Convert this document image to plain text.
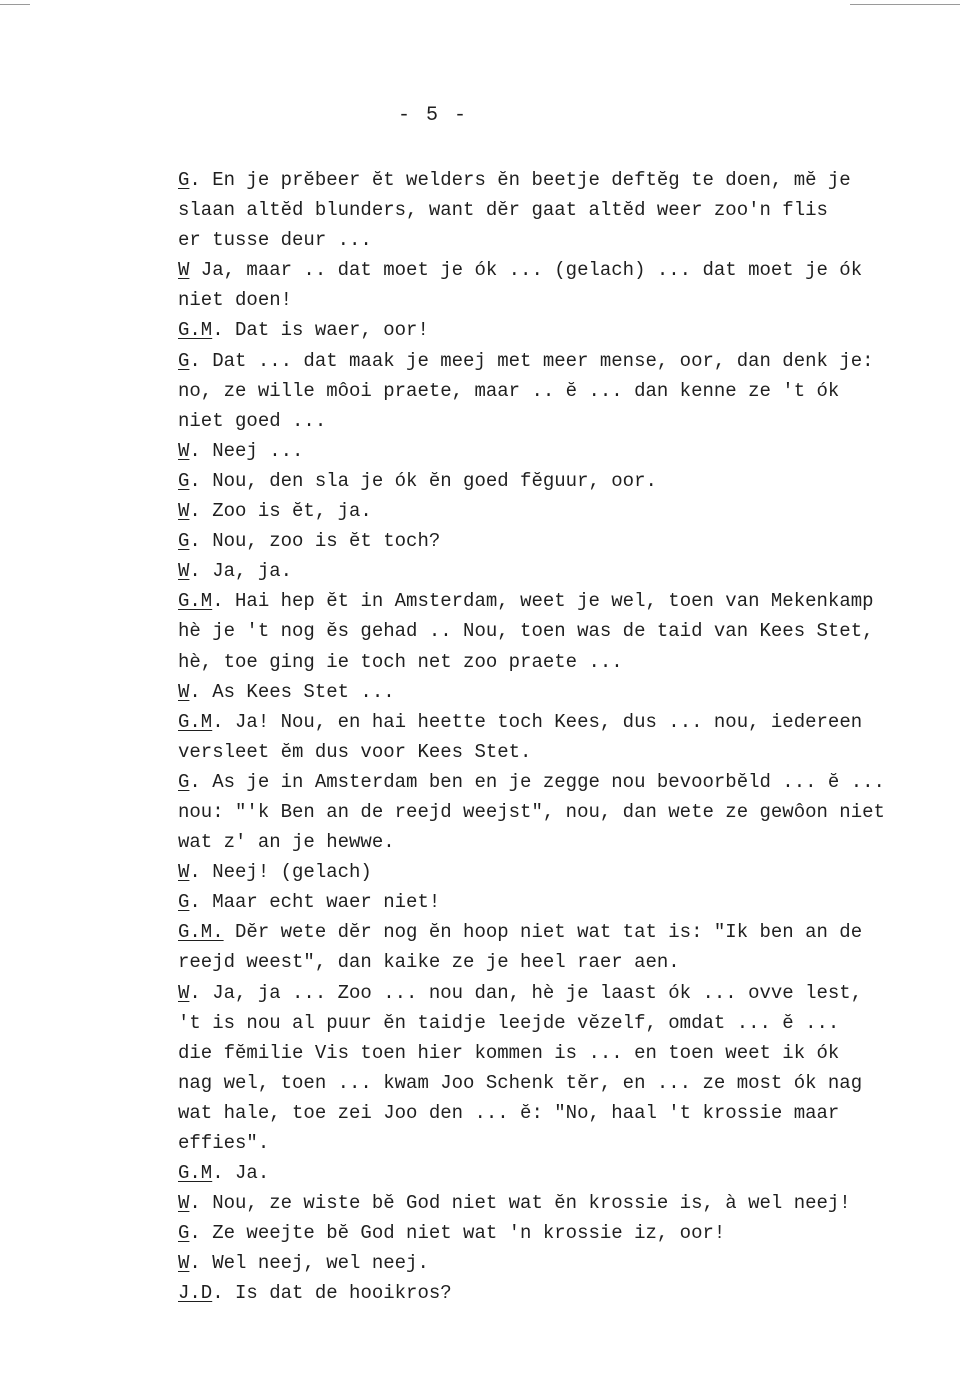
- 5 -
G. En je prĕbeer ĕt welders ĕn beetje deftĕg te doen, mĕ je
slaan altĕd blunders, want dĕr gaat altĕd weer zoo'n flis
er tusse deur ...
W Ja, maar .. dat moet je ók ... (gelach) ... dat moet je ók
niet doen!
G.M. Dat is waer, oor!
G. Dat ... dat maak je meej met meer mense, oor, dan denk je:
no, ze wille môoi praete, maar .. ĕ ... dan kenne ze 't ók
niet goed ...
W. Neej ...
G. Nou, den sla je ók ĕn goed fĕguur, oor.
W. Zoo is ĕt, ja.
G. Nou, zoo is ĕt toch?
W. Ja, ja.
G.M. Hai hep ĕt in Amsterdam, weet je wel, toen van Mekenkamp
hè je 't nog ĕs gehad .. Nou, toen was de taid van Kees Stet,
hè, toe ging ie toch net zoo praete ...
W. As Kees Stet ...
G.M. Ja! Nou, en hai heette toch Kees, dus ... nou, iedereen
versleet ĕm dus voor Kees Stet.
G. As je in Amsterdam ben en je zegge nou bevoorbĕld ... ĕ ...
nou: "'k Ben an de reejd weejst", nou, dan wete ze gewôon niet
wat z' an je hewwe.
W. Neej! (gelach)
G. Maar echt waer niet!
G.M. Dĕr wete dĕr nog ĕn hoop niet wat tat is: "Ik ben an de
reejd weest", dan kaike ze je heel raer aen.
W. Ja, ja ... Zoo ... nou dan, hè je laast ók ... ovve lest,
't is nou al puur ĕn taidje leejde vĕzelf, omdat ... ĕ ...
die fĕmilie Vis toen hier kommen is ... en toen weet ik ók
nag wel, toen ... kwam Joo Schenk tĕr, en ... ze most ók nag
wat hale, toe zei Joo den ... ĕ: "No, haal 't krossie maar
effies".
G.M. Ja.
W. Nou, ze wiste bĕ God niet wat ĕn krossie is, à wel neej!
G. Ze weejte bĕ God niet wat 'n krossie iz, oor!
W. Wel neej, wel neej.
J.D. Is dat de hooikros?
